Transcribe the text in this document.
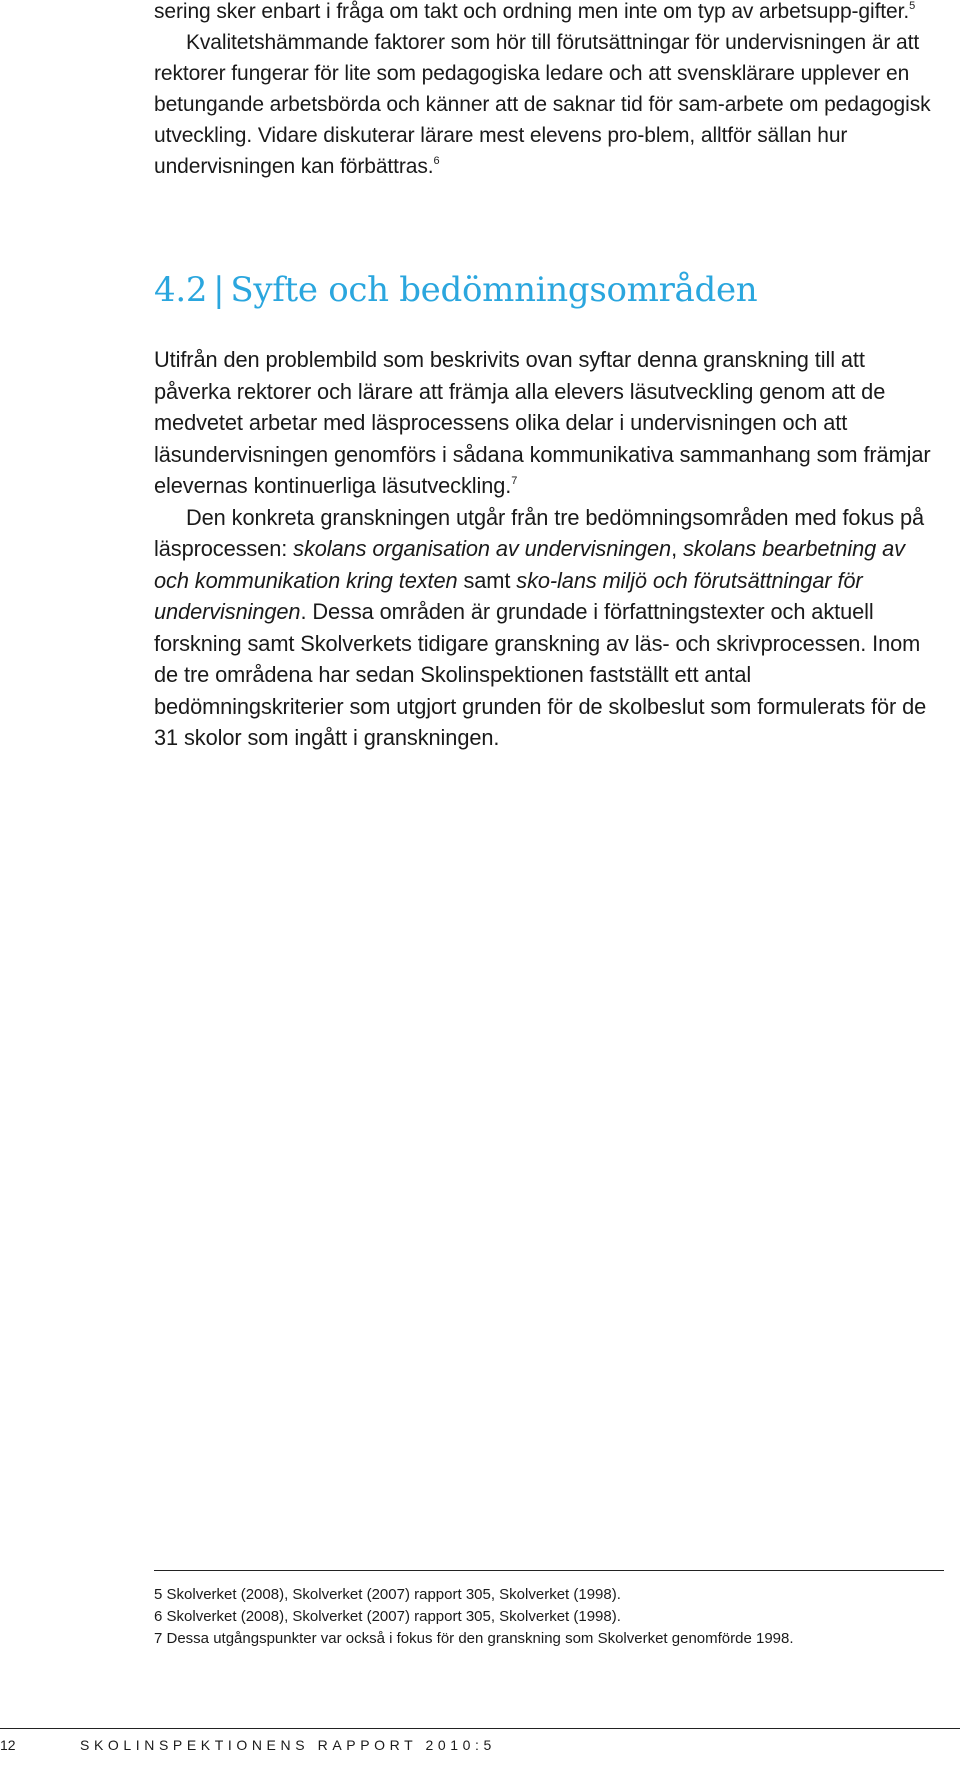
sering sker enbart i fråga om takt och ordning men inte om typ av arbetsupp-gifter.$^5$

Kvalitetshämmande faktorer som hör till förutsättningar för undervisningen är att rektorer fungerar för lite som pedagogiska ledare och att svensklärare upplever en betungande arbetsbörda och känner att de saknar tid för sam-arbete om pedagogisk utveckling. Vidare diskuterar lärare mest elevens pro-blem, alltför sällan hur undervisningen kan förbättras.$^6$

4.2 | Syfte och bedömningsområden

Utifrån den problembild som beskrivits ovan syftar denna granskning till att påverka rektorer och lärare att främja alla elevers läsutveckling genom att de medvetet arbetar med läsprocessens olika delar i undervisningen och att läsundervisningen genomförs i sådana kommunikativa sammanhang som främjar elevernas kontinuerliga läsutveckling.$^7$

Den konkreta granskningen utgår från tre bedömningsområden med fokus på läsprocessen: skolans organisation av undervisningen, skolans bearbetning av och kommunikation kring texten samt sko-lans miljö och förutsättningar för undervisningen. Dessa områden är grundade i författningstexter och aktuell forskning samt Skolverkets tidigare granskning av läs- och skrivprocessen. Inom de tre områdena har sedan Skolinspektionen fastställt ett antal bedömningskriterier som utgjort grunden för de skolbeslut som formulerats för de 31 skolor som ingått i granskningen.

5 Skolverket (2008), Skolverket (2007) rapport 305, Skolverket (1998).

6 Skolverket (2008), Skolverket (2007) rapport 305, Skolverket (1998).

7 Dessa utgångspunkter var också i fokus för den granskning som Skolverket genomförde 1998.

12	SKOLINSPEKTIONENS RAPPORT 2010:5
